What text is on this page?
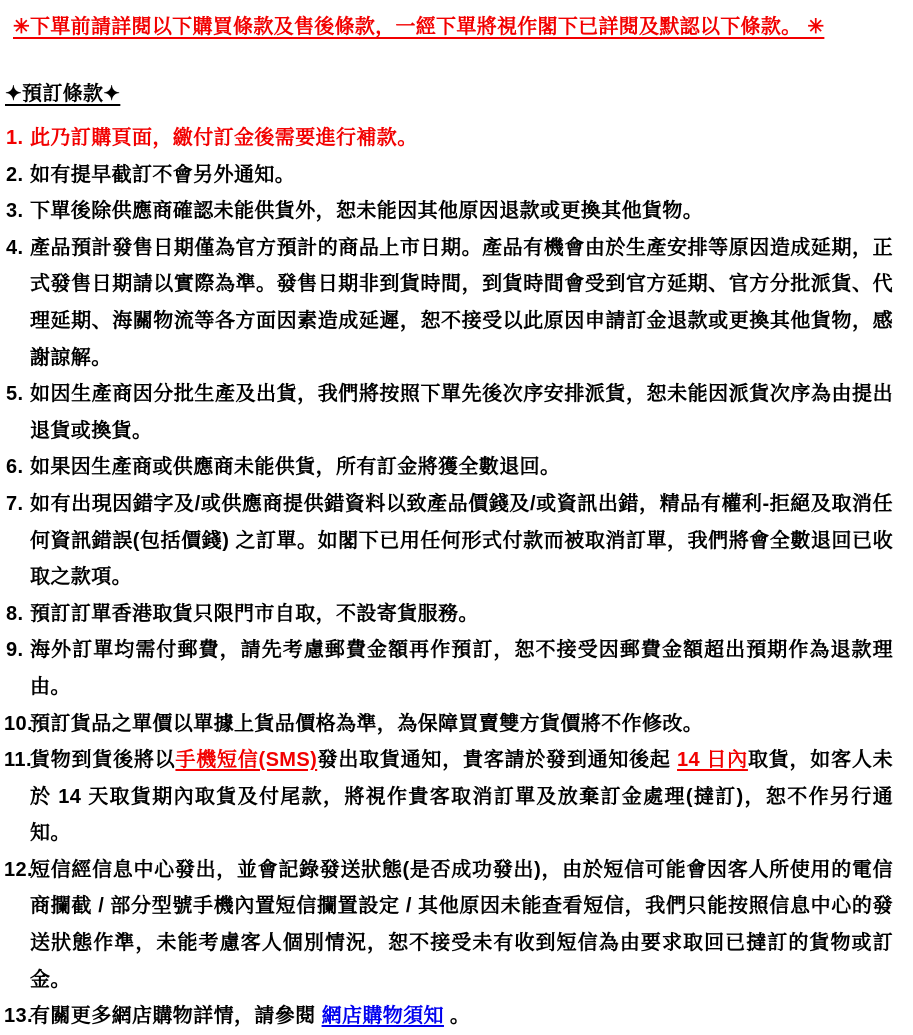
✳下單前請詳閱以下購買條款及售後條款，一經下單將視作閣下已詳閱及默認以下條款。 ✳

✦預訂條款✦
1. 此乃訂購頁面，繳付訂金後需要進行補款。
2. 如有提早截訂不會另外通知。
3. 下單後除供應商確認未能供貨外，恕未能因其他原因退款或更換其他貨物。
4. 產品預計發售日期僅為官方預計的商品上市日期。產品有機會由於生產安排等原因造成延期，正式發售日期請以實際為準。發售日期非到貨時間，到貨時間會受到官方延期、官方分批派貨、代理延期、海關物流等各方面因素造成延遲，恕不接受以此原因申請訂金退款或更換其他貨物，感謝諒解。
5. 如因生產商因分批生產及出貨，我們將按照下單先後次序安排派貨，恕未能因派貨次序為由提出退貨或換貨。
6. 如果因生產商或供應商未能供貨，所有訂金將獲全數退回。
7. 如有出現因錯字及/或供應商提供錯資料以致產品價錢及/或資訊出錯，精品有權利-拒絕及取消任何資訊錯誤(包括價錢) 之訂單。如閣下已用任何形式付款而被取消訂單，我們將會全數退回已收取之款項。
8. 預訂訂單香港取貨只限門市自取，不設寄貨服務。
9. 海外訂單均需付郵費，請先考慮郵費金額再作預訂，恕不接受因郵費金額超出預期作為退款理由。
10.
預訂貨品之單價以單據上貨品價格為準，為保障買賣雙方貨價將不作修改。
11.
貨物到貨後將以手機短信(SMS)發出取貨通知，貴客請於發到通知後起 14 日內取貨，如客人未於 14 天取貨期內取貨及付尾款，將視作貴客取消訂單及放棄訂金處理(撻訂)，恕不作另行通知。
12.
短信經信息中心發出，並會記錄發送狀態(是否成功發出)，由於短信可能會因客人所使用的電信商攔截 / 部分型號手機內置短信攔置設定 / 其他原因未能查看短信，我們只能按照信息中心的發送狀態作準，未能考慮客人個別情況，恕不接受未有收到短信為由要求取回已撻訂的貨物或訂金。
13.
有關更多網店購物詳情，請參閱 網店購物須知 。
